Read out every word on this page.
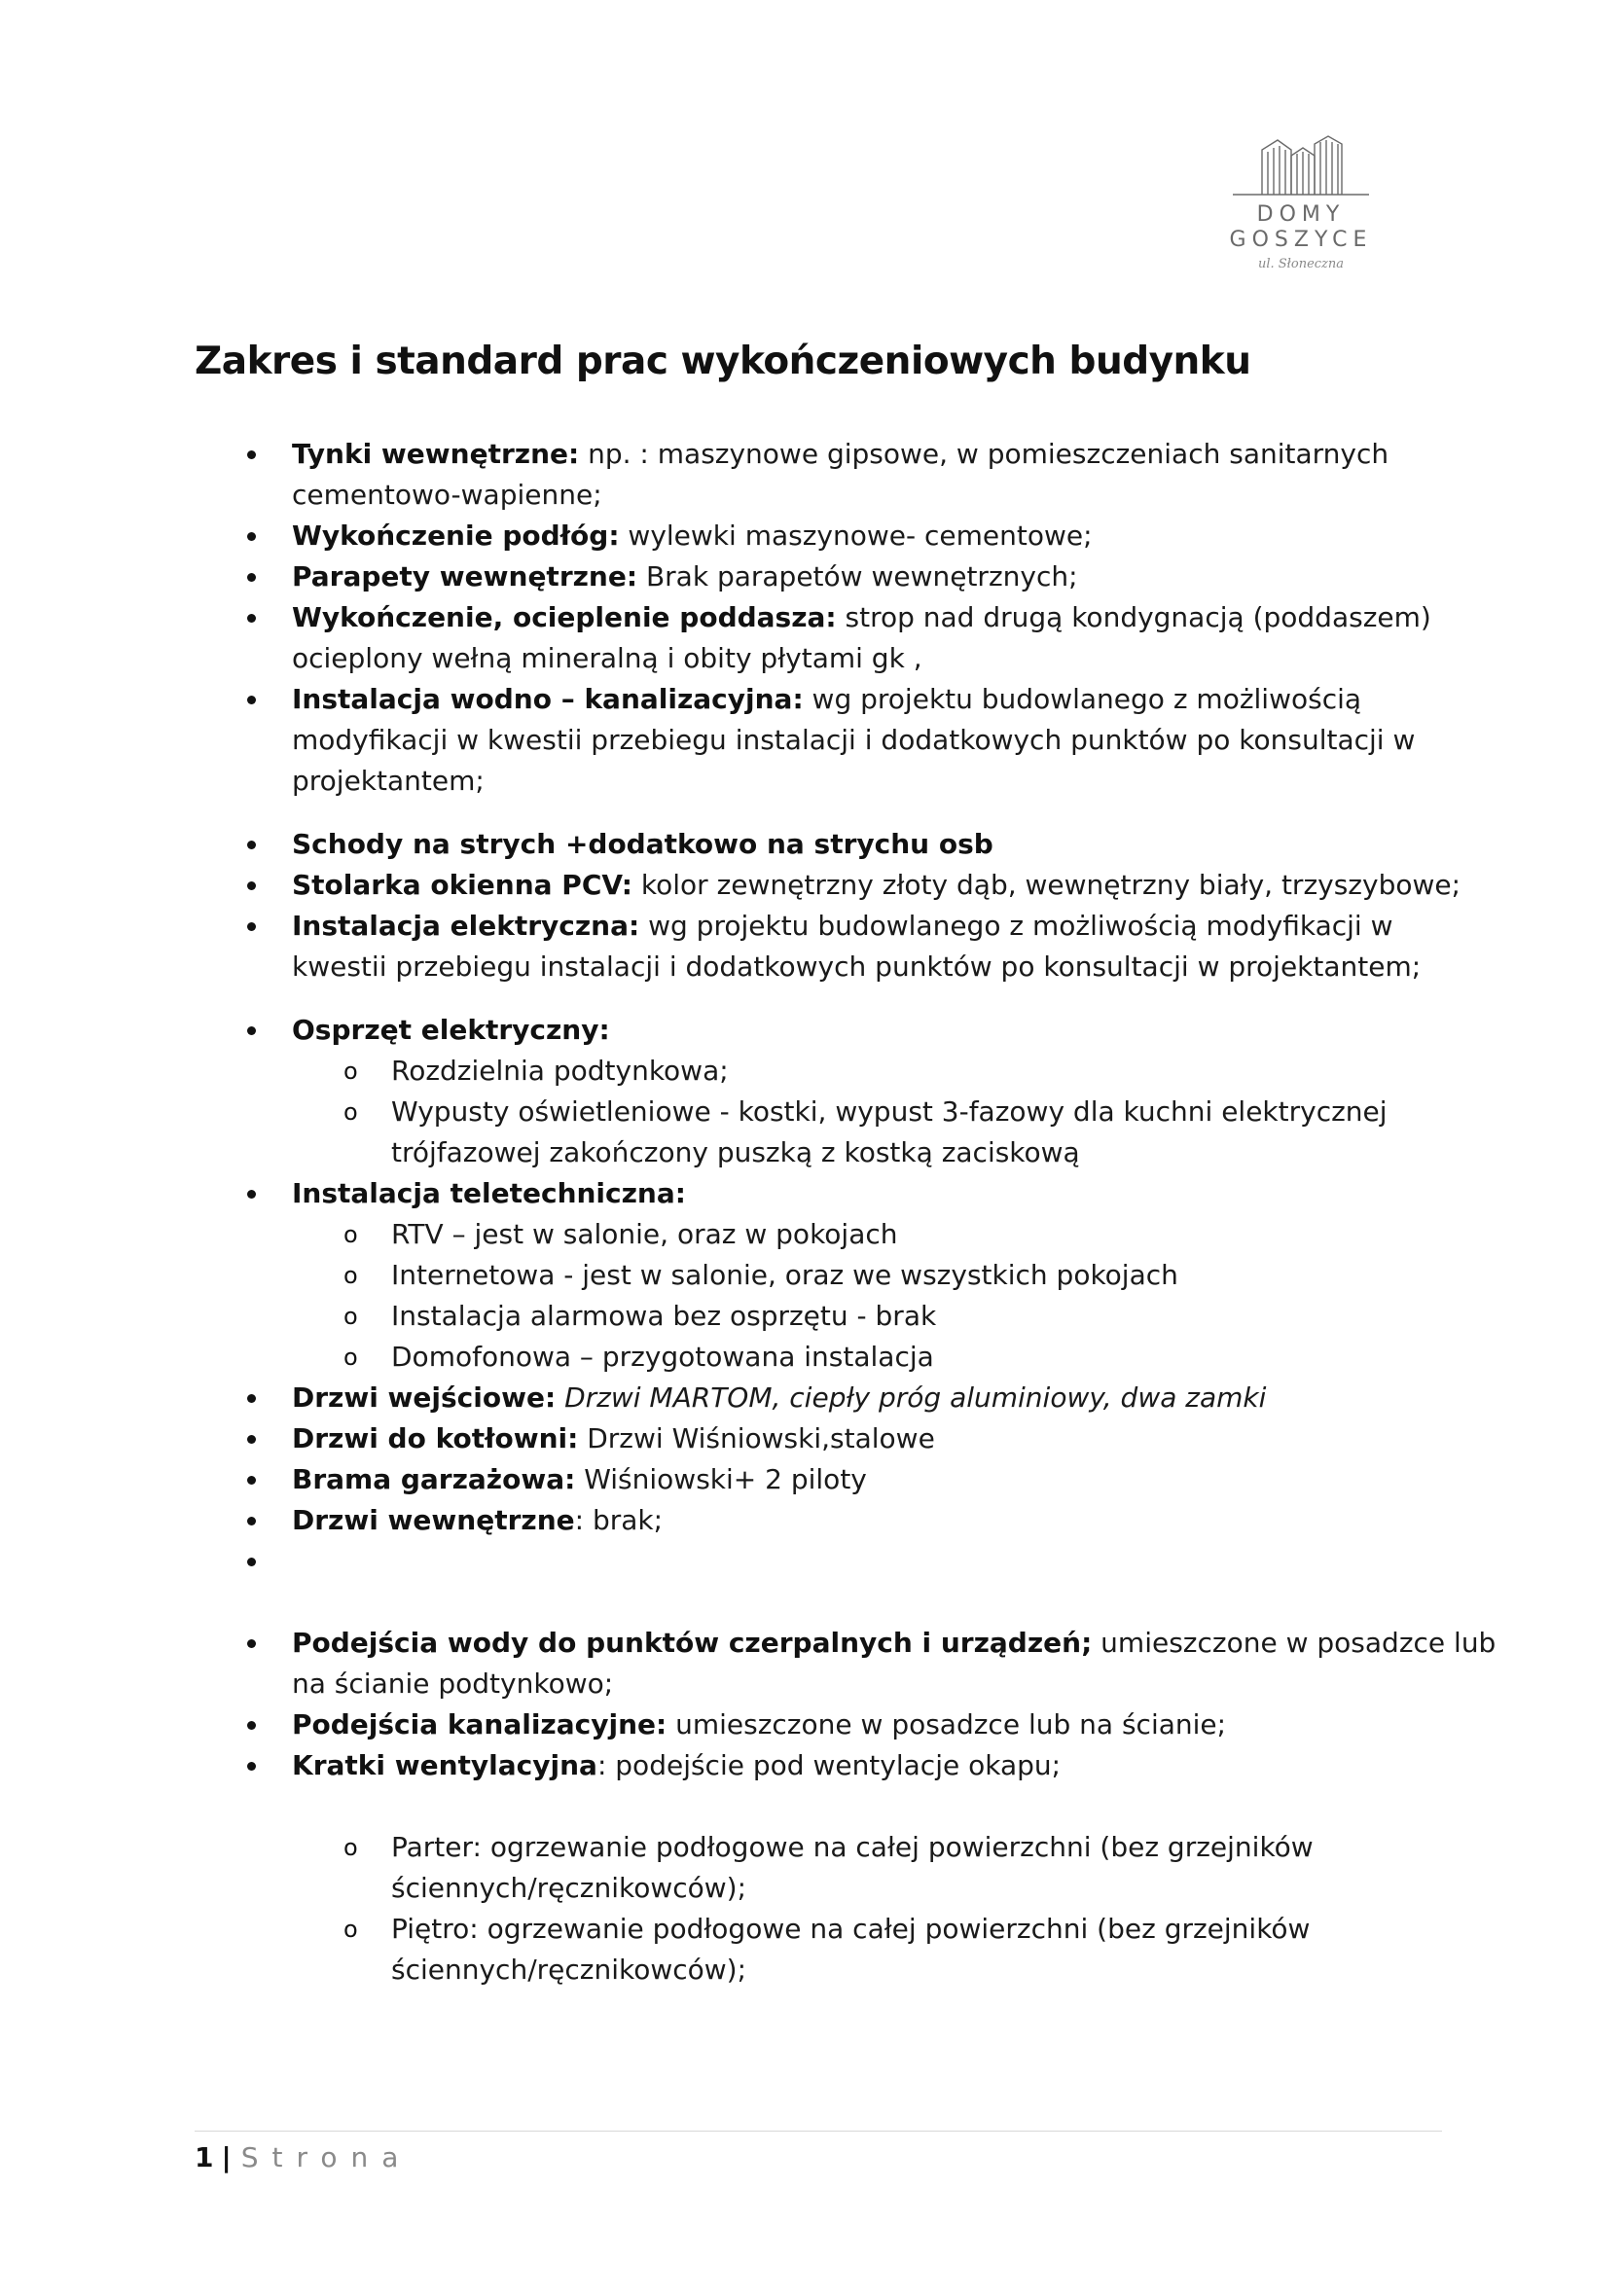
DOMY
GOSZYCE
ul. Słoneczna
Zakres i standard prac wykończeniowych budynku
Tynki wewnętrzne: np. : maszynowe gipsowe, w pomieszczeniach sanitarnych
cementowo-wapienne;
Wykończenie podłóg: wylewki maszynowe- cementowe;
Parapety wewnętrzne: Brak parapetów wewnętrznych;
Wykończenie, ocieplenie poddasza: strop nad drugą kondygnacją (poddaszem)
ocieplony wełną mineralną i obity płytami gk ,
Instalacja wodno – kanalizacyjna: wg projektu budowlanego z możliwością
modyfikacji w kwestii przebiegu instalacji i dodatkowych punktów po konsultacji w
projektantem;
Schody na strych +dodatkowo na strychu osb
Stolarka okienna PCV: kolor zewnętrzny złoty dąb, wewnętrzny biały, trzyszybowe;
Instalacja elektryczna: wg projektu budowlanego z możliwością modyfikacji w
kwestii przebiegu instalacji i dodatkowych punktów po konsultacji w projektantem;
Osprzęt elektryczny:
o Rozdzielnia podtynkowa;
o Wypusty oświetleniowe - kostki, wypust 3-fazowy dla kuchni elektrycznej
trójfazowej zakończony puszką z kostką zaciskową
Instalacja teletechniczna:
o RTV – jest w salonie, oraz w pokojach
o Internetowa - jest w salonie, oraz we wszystkich pokojach
o Instalacja alarmowa bez osprzętu - brak
o Domofonowa – przygotowana instalacja
Drzwi wejściowe: Drzwi MARTOM, ciepły próg aluminiowy, dwa zamki
Drzwi do kotłowni: Drzwi Wiśniowski,stalowe
Brama garzażowa: Wiśniowski+ 2 piloty
Drzwi wewnętrzne: brak;
Podejścia wody do punktów czerpalnych i urządzeń; umieszczone w posadzce lub
na ścianie podtynkowo;
Podejścia kanalizacyjne: umieszczone w posadzce lub na ścianie;
Kratki wentylacyjna: podejście pod wentylacje okapu;
o Parter: ogrzewanie podłogowe na całej powierzchni (bez grzejników
ściennych/ręcznikowców);
o Piętro: ogrzewanie podłogowe na całej powierzchni (bez grzejników
ściennych/ręcznikowców);
1 | Strona
